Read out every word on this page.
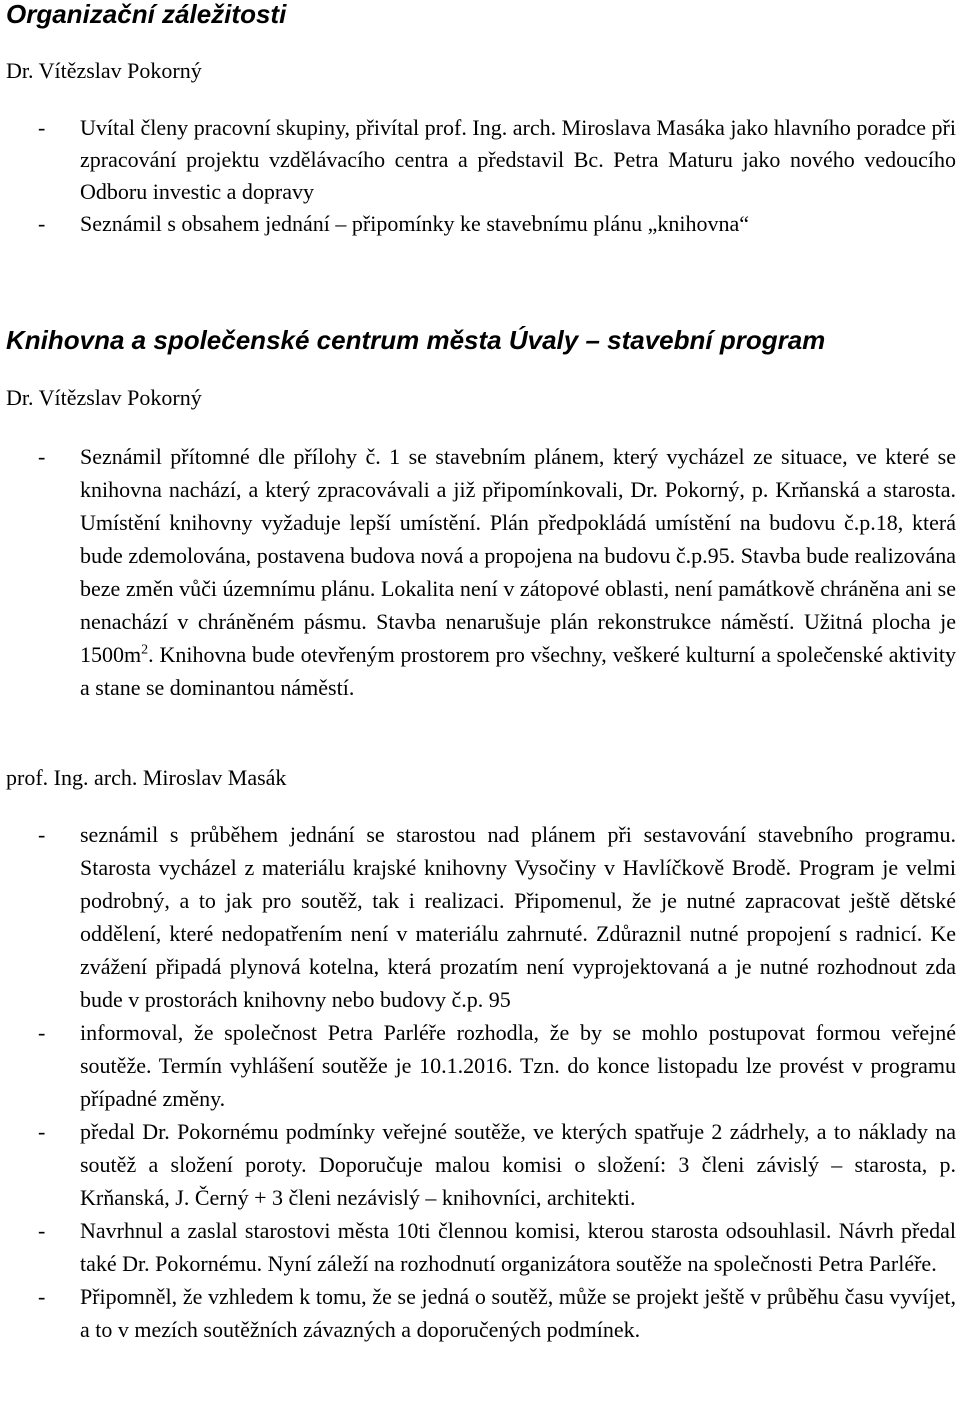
Organizační záležitosti

Dr. Vítězslav Pokorný

- Uvítal členy pracovní skupiny, přivítal prof. Ing. arch. Miroslava Masáka jako hlavního poradce při zpracování projektu vzdělávacího centra a představil Bc. Petra Maturu jako nového vedoucího Odboru investic a dopravy
- Seznámil s obsahem jednání – připomínky ke stavebnímu plánu „knihovna“
Knihovna a společenské centrum města Úvaly – stavební program

Dr. Vítězslav Pokorný

- Seznámil přítomné dle přílohy č. 1 se stavebním plánem, který vycházel ze situace, ve které se knihovna nachází, a který zpracovávali a již připomínkovali, Dr. Pokorný, p. Krňanská a starosta. Umístění knihovny vyžaduje lepší umístění. Plán předpokládá umístění na budovu č.p.18, která bude zdemolována, postavena budova nová a propojena na budovu č.p.95. Stavba bude realizována beze změn vůči územnímu plánu. Lokalita není v zátopové oblasti, není památkově chráněna ani se nenachází v chráněném pásmu. Stavba nenarušuje plán rekonstrukce náměstí. Užitná plocha je $1500m^2$. Knihovna bude otevřeným prostorem pro všechny, veškeré kulturní a společenské aktivity a stane se dominantou náměstí.

prof. Ing. arch. Miroslav Masák

- seznámil s průběhem jednání se starostou nad plánem při sestavování stavebního programu. Starosta vycházel z materiálu krajské knihovny Vysočiny v Havlíčkově Brodě. Program je velmi podrobný, a to jak pro soutěž, tak i realizaci. Připomenul, že je nutné zapracovat ještě dětské oddělení, které nedopatřením není v materiálu zahrnuté. Zdůraznil nutné propojení s radnicí. Ke zvážení připadá plynová kotelna, která prozatím není vyprojektovaná a je nutné rozhodnout zda bude v prostorách knihovny nebo budovy č.p. 95
- informoval, že společnost Petra Parléře rozhodla, že by se mohlo postupovat formou veřejné soutěže. Termín vyhlášení soutěže je 10.1.2016. Tzn. do konce listopadu lze provést v programu případné změny.
- předal Dr. Pokornému podmínky veřejné soutěže, ve kterých spatřuje 2 zádrhely, a to náklady na soutěž a složení poroty. Doporučuje malou komisi o složení: 3 členi závislý – starosta, p. Krňanská, J. Černý + 3 členi nezávislý – knihovníci, architekti.
- Navrhnul a zaslal starostovi města 10ti člennou komisi, kterou starosta odsouhlasil. Návrh předal také Dr. Pokornému. Nyní záleží na rozhodnutí organizátora soutěže na společnosti Petra Parléře.
- Připomněl, že vzhledem k tomu, že se jedná o soutěž, může se projekt ještě v průběhu času vyvíjet, a to v mezích soutěžních závazných a doporučených podmínek.
